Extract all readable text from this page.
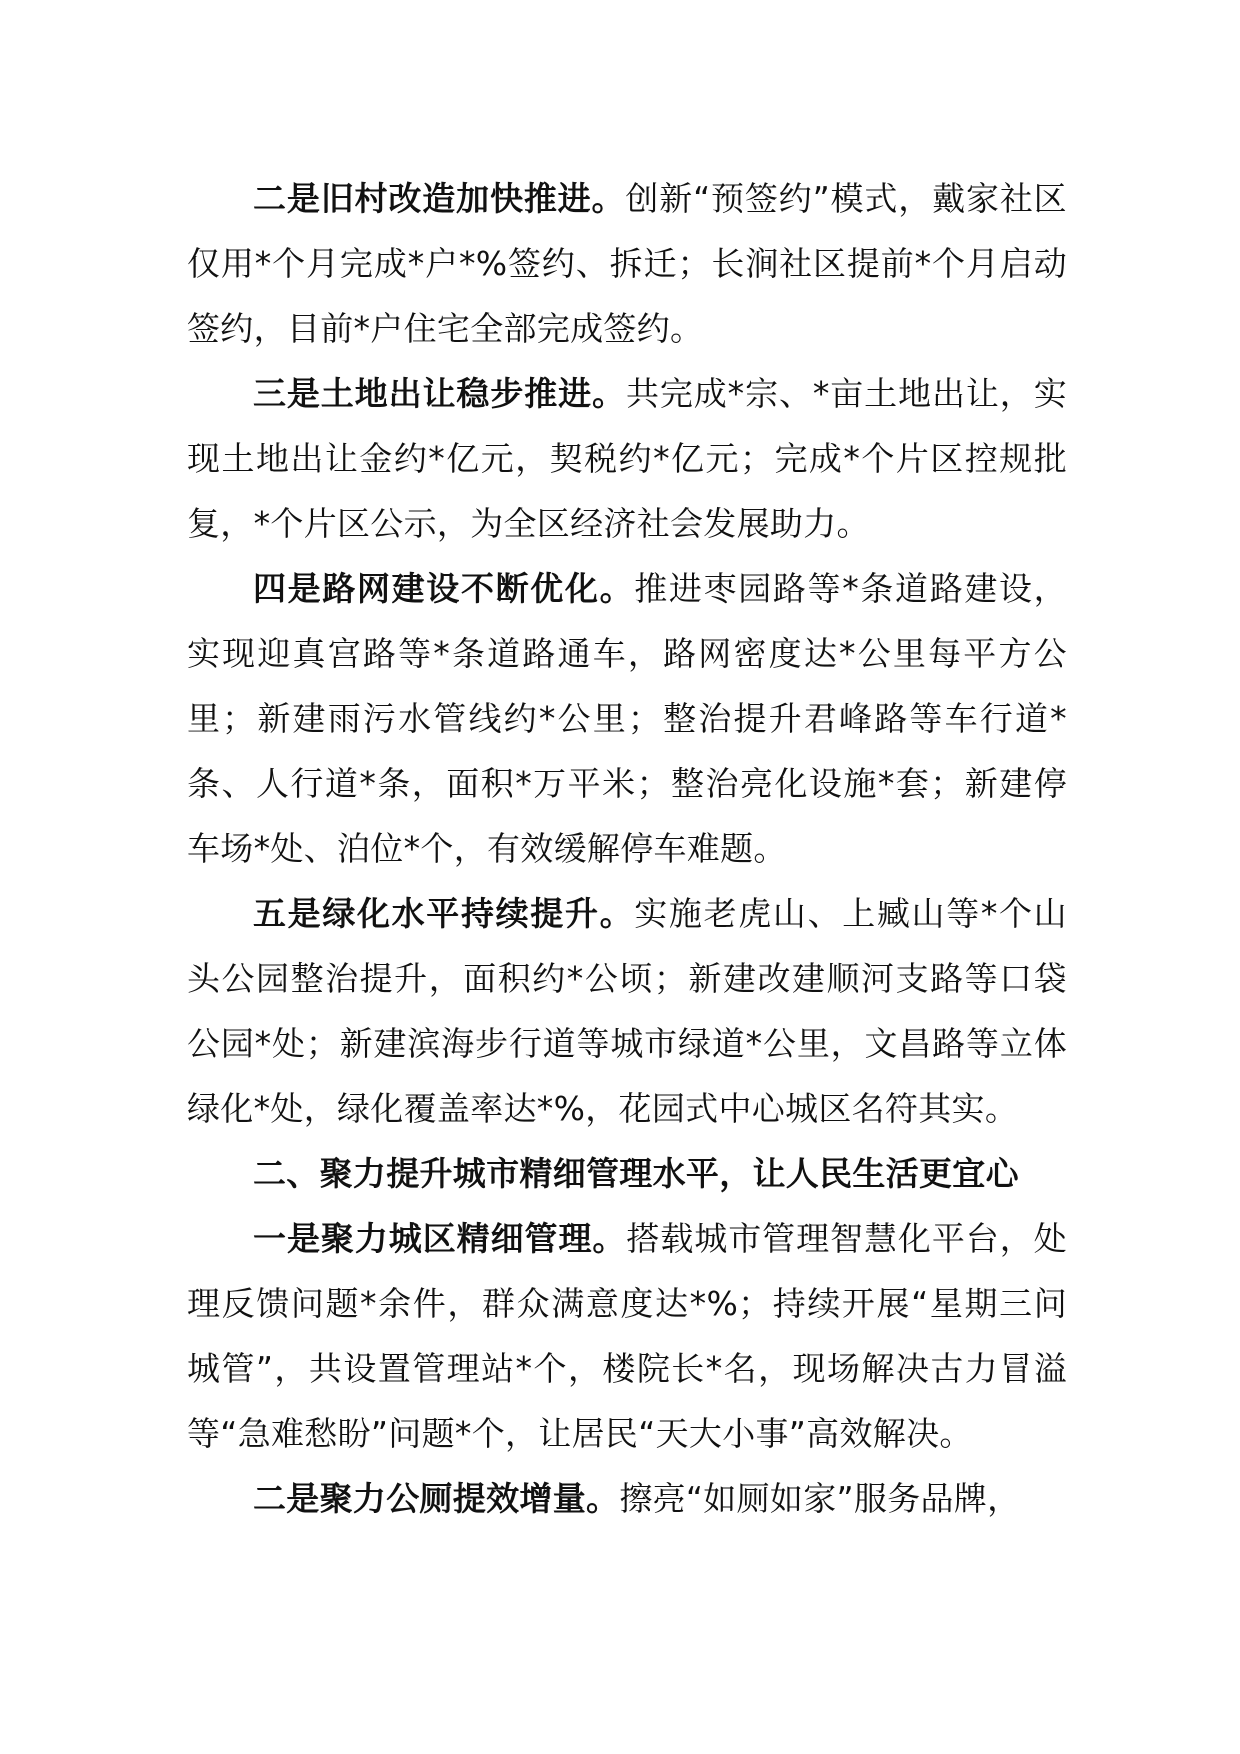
二是旧村改造加快推进。创新“预签约”模式，戴家社区仅用*个月完成*户*%签约、拆迁；长涧社区提前*个月启动签约，目前*户住宅全部完成签约。

三是土地出让稳步推进。共完成*宗、*亩土地出让，实现土地出让金约*亿元，契税约*亿元；完成*个片区控规批复，*个片区公示，为全区经济社会发展助力。

四是路网建设不断优化。推进枣园路等*条道路建设，实现迎真宫路等*条道路通车，路网密度达*公里每平方公里；新建雨污水管线约*公里；整治提升君峰路等车行道*条、人行道*条，面积*万平米；整治亮化设施*套；新建停车场*处、泊位*个，有效缓解停车难题。

五是绿化水平持续提升。实施老虎山、上臧山等*个山头公园整治提升，面积约*公顷；新建改建顺河支路等口袋公园*处；新建滨海步行道等城市绿道*公里，文昌路等立体绿化*处，绿化覆盖率达*%，花园式中心城区名符其实。

二、聚力提升城市精细管理水平，让人民生活更宜心

一是聚力城区精细管理。搭载城市管理智慧化平台，处理反馈问题*余件，群众满意度达*%；持续开展“星期三问城管”，共设置管理站*个，楼院长*名，现场解决古力冒溢等“急难愁盼”问题*个，让居民“天大小事”高效解决。

二是聚力公厕提效增量。擦亮“如厕如家”服务品牌，
